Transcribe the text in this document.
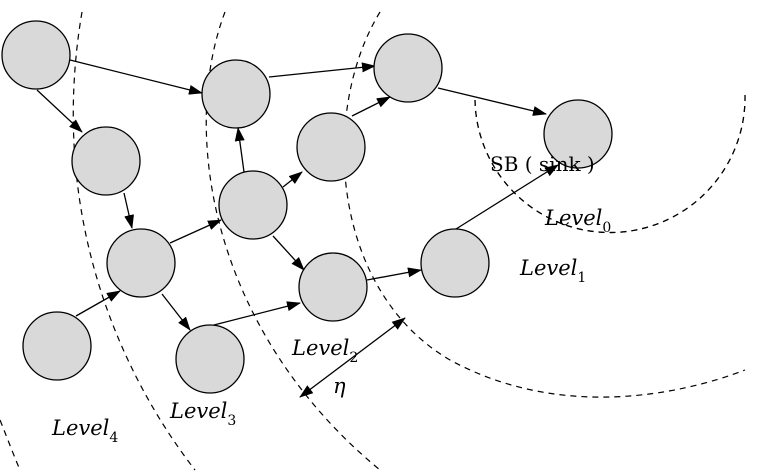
SB ( sink )
Level$_0$
Level$_1$
Level$_2$
Level$_3$
Level$_4$
η
